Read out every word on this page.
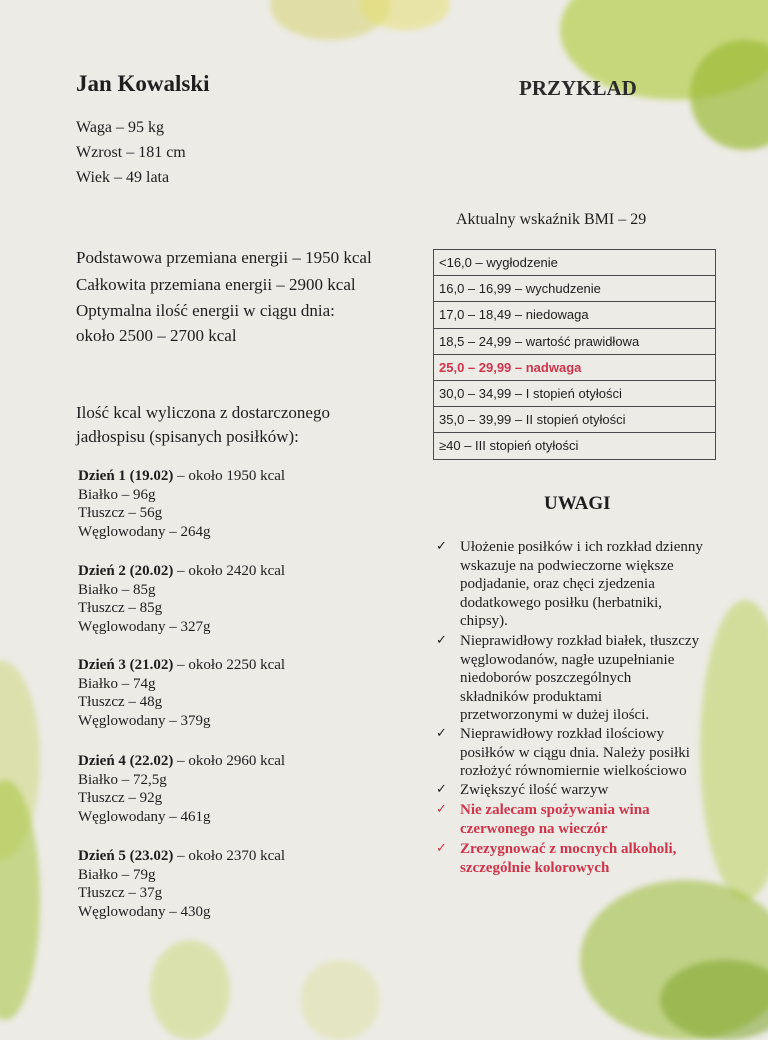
Jan Kowalski	PRZYKŁAD
Waga – 95 kg
Wzrost – 181 cm
Wiek – 49 lata
Aktualny wskaźnik BMI – 29
Podstawowa przemiana energii – 1950 kcal
Całkowita przemiana energii – 2900 kcal
Optymalna ilość energii w ciągu dnia:
około 2500 – 2700 kcal
<16,0 – wygłodzenie
16,0 – 16,99 – wychudzenie
17,0 – 18,49 – niedowaga
18,5 – 24,99 – wartość prawidłowa
25,0 – 29,99 – nadwaga
30,0 – 34,99 – I stopień otyłości
35,0 – 39,99 – II stopień otyłości
≥40 – III stopień otyłości
Ilość kcal wyliczona z dostarczonego
jadłospisu (spisanych posiłków):
Dzień 1 (19.02) – około 1950 kcal
Białko – 96g
Tłuszcz – 56g
Węglowodany – 264g
Dzień 2 (20.02) – około 2420 kcal
Białko – 85g
Tłuszcz – 85g
Węglowodany – 327g
Dzień 3 (21.02) – około 2250 kcal
Białko – 74g
Tłuszcz – 48g
Węglowodany – 379g
Dzień 4 (22.02) – około 2960 kcal
Białko – 72,5g
Tłuszcz – 92g
Węglowodany – 461g
Dzień 5 (23.02) – około 2370 kcal
Białko – 79g
Tłuszcz – 37g
Węglowodany – 430g
UWAGI
✓ Ułożenie posiłków i ich rozkład dzienny
wskazuje na podwieczorne większe
podjadanie, oraz chęci zjedzenia
dodatkowego posiłku (herbatniki,
chipsy).
✓ Nieprawidłowy rozkład białek, tłuszczy
węglowodanów, nagłe uzupełnianie
niedoborów poszczególnych
składników produktami
przetworzonymi w dużej ilości.
✓ Nieprawidłowy rozkład ilościowy
posiłków w ciągu dnia. Należy posiłki
rozłożyć równomiernie wielkościowo
✓ Zwiększyć ilość warzyw
✓ Nie zalecam spożywania wina
czerwonego na wieczór
✓ Zrezygnować z mocnych alkoholi,
szczególnie kolorowych
